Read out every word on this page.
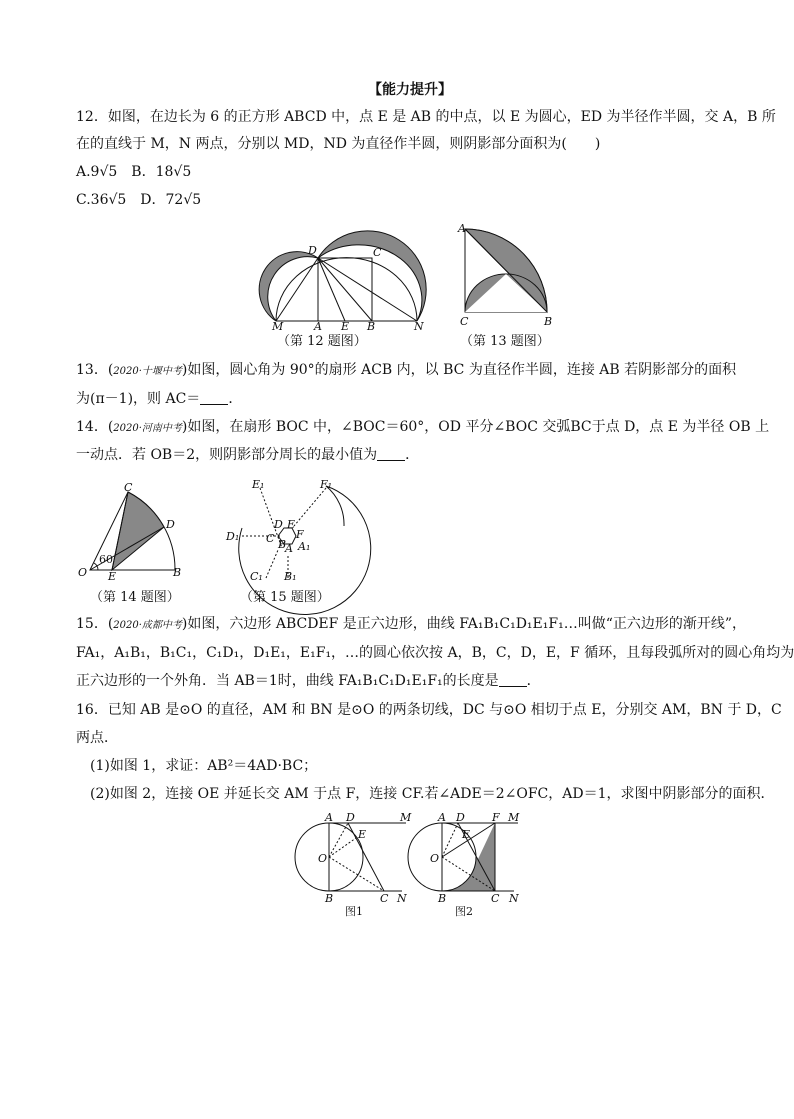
【能力提升】
12．如图，在边长为 6 的正方形 ABCD 中，点 E 是 AB 的中点，以 E 为圆心，ED 为半径作半圆，交 A，B 所
在的直线于 M，N 两点，分别以 MD，ND 为直径作半圆，则阴影部分面积为( )
A.9√5　B．18√5
C.36√5　D．72√5
D	C
M	A E B	N
（第 12 题图）
A
C	B
（第 13 题图）
13．(2020·十堰中考)如图，圆心角为 90°的扇形 ACB 内，以 BC 为直径作半圆，连接 AB 若阴影部分的面积
为(π－1)，则 AC＝ ．
14．(2020·河南中考)如图，在扇形 BOC 中，∠BOC＝60°，OD 平分∠BOC 交弧BC于点 D，点 E 为半径 OB 上
一动点．若 OB＝2，则阴影部分周长的最小值为 ．
C
D
60
O E	B
（第 14 题图）
E₁	F₁
D₁
D E
C F
A₁
A
C₁ B₁
B
（第 15 题图）
15．(2020·成都中考)如图，六边形 ABCDEF 是正六边形，曲线 FA₁B₁C₁D₁E₁F₁…叫做“正六边形的渐开线”，
FA₁，A₁B₁，B₁C₁，C₁D₁，D₁E₁，E₁F₁，…的圆心依次按 A，B，C，D，E，F 循环，且每段弧所对的圆心角均为
正六边形的一个外角．当 AB＝1时，曲线 FA₁B₁C₁D₁E₁F₁的长度是 ．
16．已知 AB 是⊙O 的直径，AM 和 BN 是⊙O 的两条切线，DC 与⊙O 相切于点 E，分别交 AM，BN 于 D，C
两点．
(1)如图 1，求证：AB²＝4AD·BC；
(2)如图 2，连接 OE 并延长交 AM 于点 F，连接 CF.若∠ADE＝2∠OFC，AD＝1，求图中阴影部分的面积．
A D	M
E
O
B	C N
图1
A D F M
E
O
B	C N
图2
